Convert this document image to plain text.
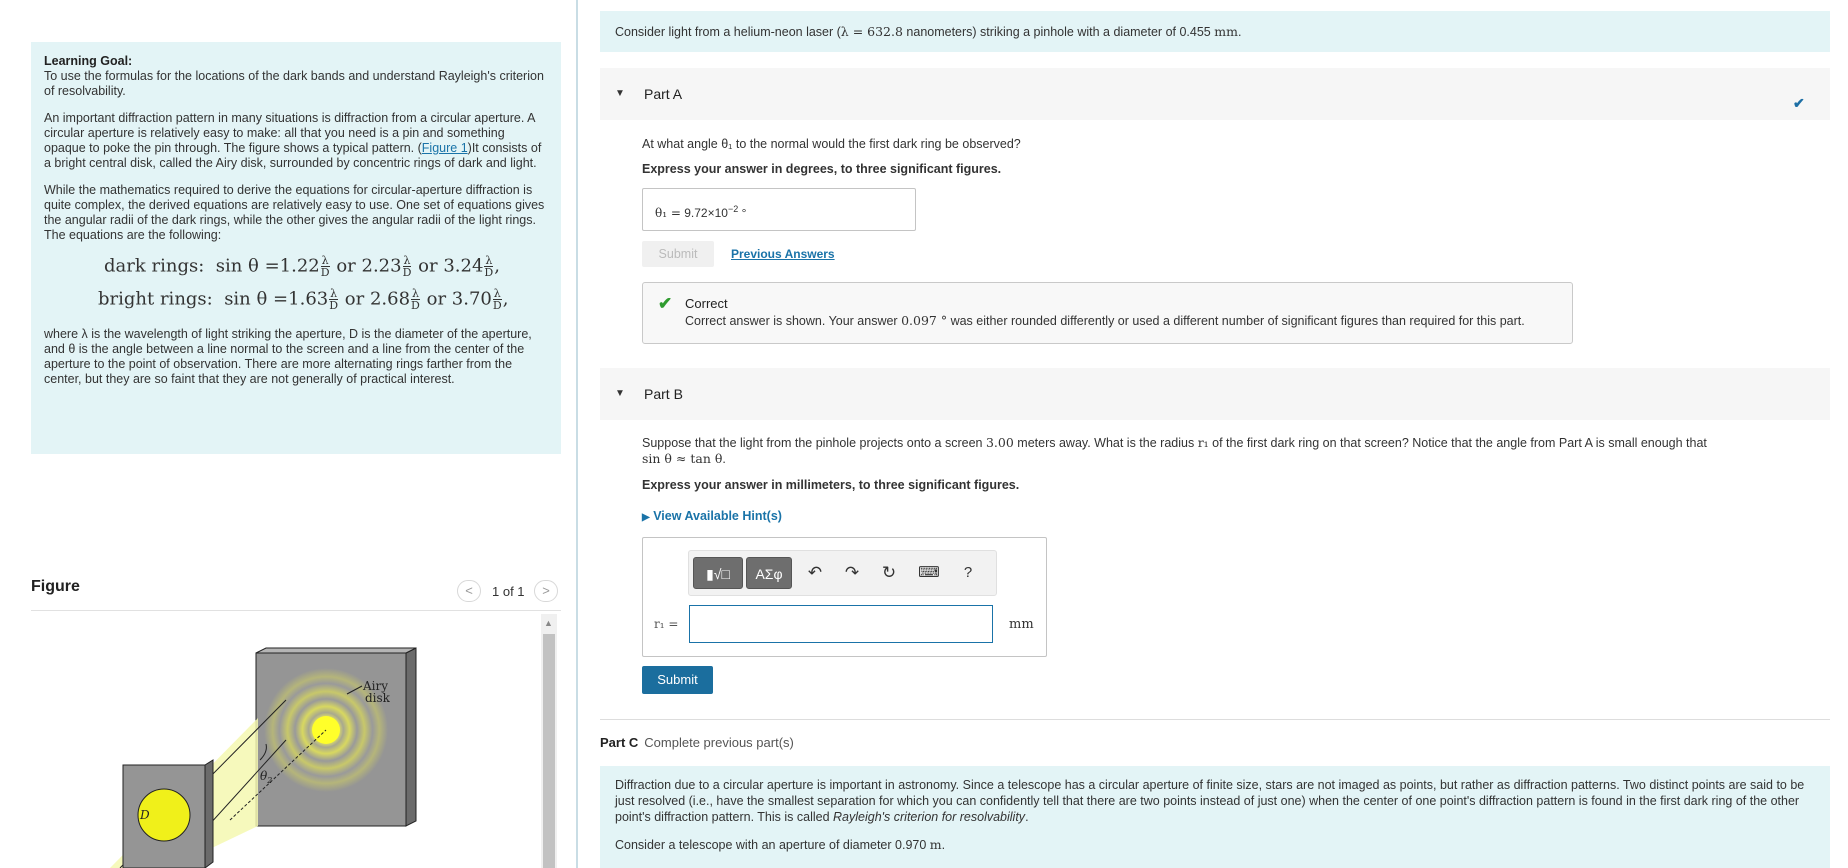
Learning Goal:

To use the formulas for the locations of the dark bands and understand Rayleigh's criterion of resolvability.

An important diffraction pattern in many situations is diffraction from a circular aperture. A circular aperture is relatively easy to make: all that you need is a pin and something opaque to poke the pin through. The figure shows a typical pattern. (Figure 1)It consists of a bright central disk, called the Airy disk, surrounded by concentric rings of dark and light.

While the mathematics required to derive the equations for circular-aperture diffraction is quite complex, the derived equations are relatively easy to use. One set of equations gives the angular radii of the dark rings, while the other gives the angular radii of the light rings. The equations are the following:

dark rings: $\sin \theta =1.22 \frac{\lambda}{D}$ or $2.23 \frac{\lambda}{D}$ or $3.24 \frac{\lambda}{D}$ ,
bright rings: $\sin \theta =1.63 \frac{\lambda}{D}$ or $2.68 \frac{\lambda}{D}$ or $3.70 \frac{\lambda}{D}$ ,

where λ is the wavelength of light striking the aperture, D is the diameter of the aperture, and θ is the angle between a line normal to the screen and a line from the center of the aperture to the point of observation. There are more alternating rings farther from the center, but they are so faint that they are not generally of practical interest.

Figure	<	1 of 1	>
▲
$\theta_2$
D
Airy
disk
Consider light from a helium-neon laser (λ = 632.8 nanometers) striking a pinhole with a diameter of 0.455 mm.
▼ Part A
✔
At what angle θ₁ to the normal would the first dark ring be observed?
Express your answer in degrees, to three significant figures.
$\theta_1 = 9.72\times 10^{-2}$ °
Submit	Previous Answers
✔ Correct
Correct answer is shown. Your answer 0.097 ° was either rounded differently or used a different number of significant figures than required for this part.
▼ Part B
Suppose that the light from the pinhole projects onto a screen 3.00 meters away. What is the radius r₁ of the first dark ring on that screen? Notice that the angle from Part A is small enough that
sin θ ≈ tan θ.
Express your answer in millimeters, to three significant figures.
▶ View Available Hint(s)
▮√□	ΑΣφ	↶	↷	↻	⌨	?
r₁ =	mm
Submit
Part C Complete previous part(s)

Diffraction due to a circular aperture is important in astronomy. Since a telescope has a circular aperture of finite size, stars are not imaged as points, but rather as diffraction patterns. Two distinct points are said to be just resolved (i.e., have the smallest separation for which you can confidently tell that there are two points instead of just one) when the center of one point's diffraction pattern is found in the first dark ring of the other point's diffraction pattern. This is called Rayleigh's criterion for resolvability.

Consider a telescope with an aperture of diameter 0.970 m.
